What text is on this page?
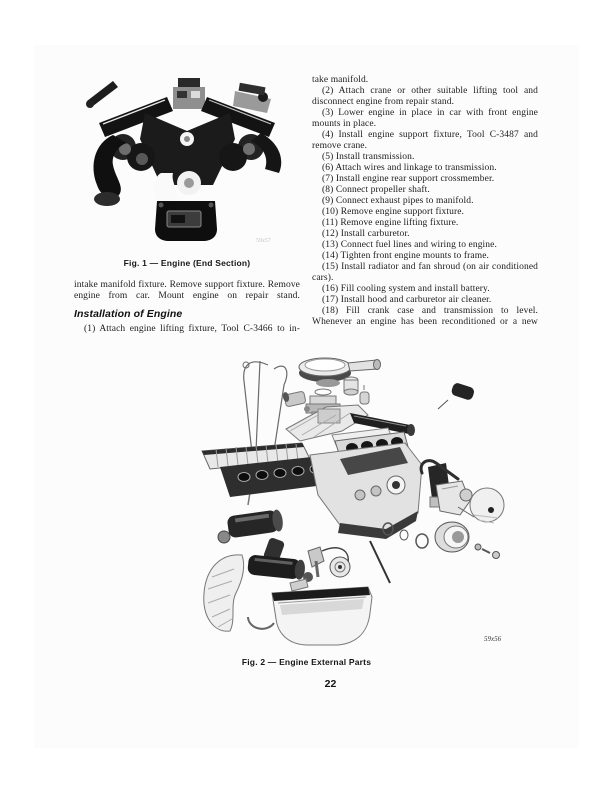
59x57
Fig. 1 — Engine (End Section)

intake manifold fixture. Remove support fixture. Remove engine from car. Mount engine on repair stand.

Installation of Engine

(1) Attach engine lifting fixture, Tool C-3466 to in-

take manifold.

(2) Attach crane or other suitable lifting tool and disconnect engine from repair stand.

(3) Lower engine in place in car with front engine mounts in place.

(4) Install engine support fixture, Tool C-3487 and remove crane.

(5) Install transmission.

(6) Attach wires and linkage to transmission.

(7) Install engine rear support crossmember.

(8) Connect propeller shaft.

(9) Connect exhaust pipes to manifold.

(10) Remove engine support fixture.

(11) Remove engine lifting fixture.

(12) Install carburetor.

(13) Connect fuel lines and wiring to engine.

(14) Tighten front engine mounts to frame.

(15) Install radiator and fan shroud (on air conditioned cars).

(16) Fill cooling system and install battery.

(17) Install hood and carburetor air cleaner.

(18) Fill crank case and transmission to level.

Whenever an engine has been reconditioned or a new

59x56
Fig. 2 — Engine External Parts
22
